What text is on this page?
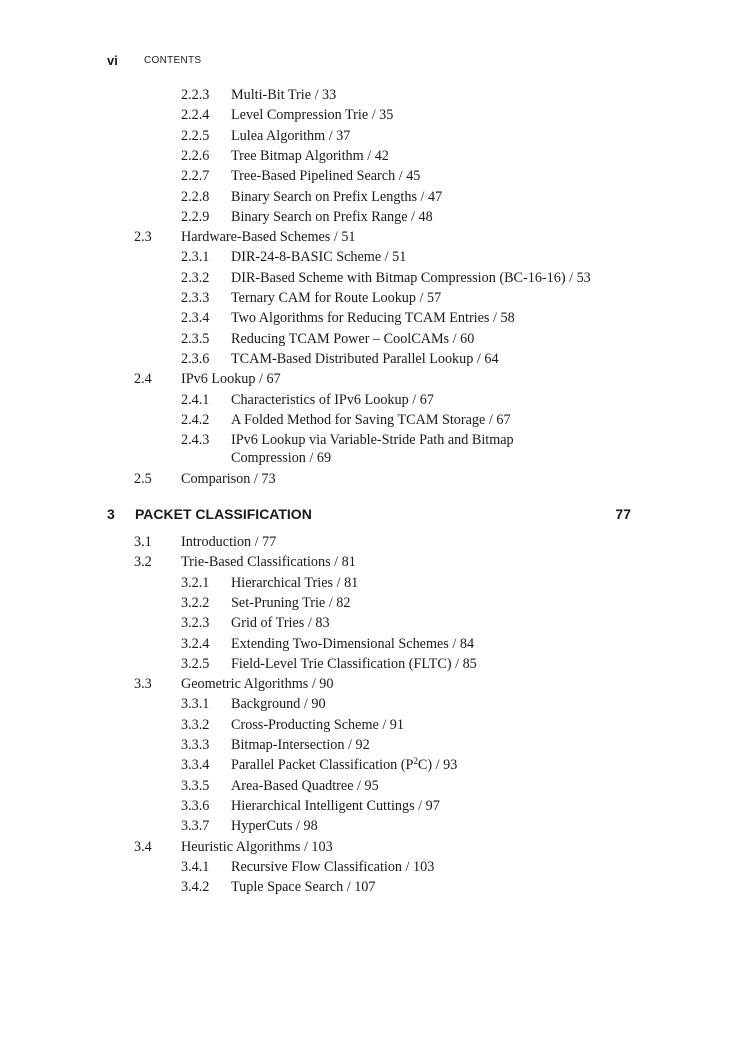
vi	CONTENTS
2.2.3 Multi-Bit Trie / 33
2.2.4 Level Compression Trie / 35
2.2.5 Lulea Algorithm / 37
2.2.6 Tree Bitmap Algorithm / 42
2.2.7 Tree-Based Pipelined Search / 45
2.2.8 Binary Search on Prefix Lengths / 47
2.2.9 Binary Search on Prefix Range / 48
2.3 Hardware-Based Schemes / 51
2.3.1 DIR-24-8-BASIC Scheme / 51
2.3.2 DIR-Based Scheme with Bitmap Compression (BC-16-16) / 53
2.3.3 Ternary CAM for Route Lookup / 57
2.3.4 Two Algorithms for Reducing TCAM Entries / 58
2.3.5 Reducing TCAM Power – CoolCAMs / 60
2.3.6 TCAM-Based Distributed Parallel Lookup / 64
2.4 IPv6 Lookup / 67
2.4.1 Characteristics of IPv6 Lookup / 67
2.4.2 A Folded Method for Saving TCAM Storage / 67
2.4.3 IPv6 Lookup via Variable-Stride Path and Bitmap
Compression / 69
2.5 Comparison / 73
3 PACKET CLASSIFICATION	77
3.1 Introduction / 77
3.2 Trie-Based Classifications / 81
3.2.1 Hierarchical Tries / 81
3.2.2 Set-Pruning Trie / 82
3.2.3 Grid of Tries / 83
3.2.4 Extending Two-Dimensional Schemes / 84
3.2.5 Field-Level Trie Classification (FLTC) / 85
3.3 Geometric Algorithms / 90
3.3.1 Background / 90
3.3.2 Cross-Producting Scheme / 91
3.3.3 Bitmap-Intersection / 92
3.3.4 Parallel Packet Classification $(P^2C) / 93$
3.3.5 Area-Based Quadtree / 95
3.3.6 Hierarchical Intelligent Cuttings / 97
3.3.7 HyperCuts / 98
3.4 Heuristic Algorithms / 103
3.4.1 Recursive Flow Classification / 103
3.4.2 Tuple Space Search / 107
